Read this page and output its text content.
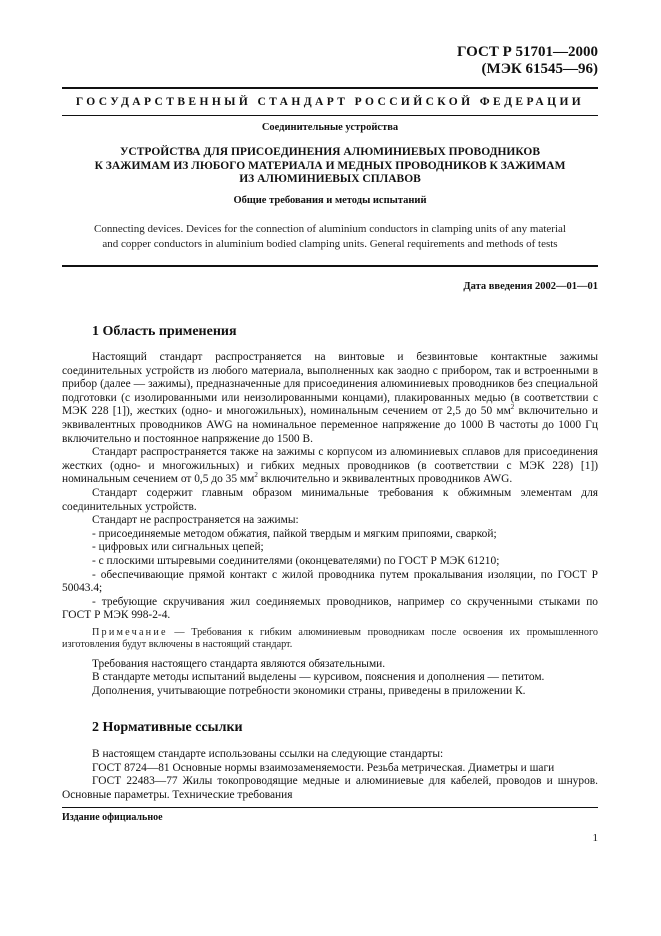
ГОСТ Р 51701—2000
(МЭК 61545—96)
ГОСУДАРСТВЕННЫЙ СТАНДАРТ РОССИЙСКОЙ ФЕДЕРАЦИИ
Соединительные устройства
УСТРОЙСТВА ДЛЯ ПРИСОЕДИНЕНИЯ АЛЮМИНИЕВЫХ ПРОВОДНИКОВ
К ЗАЖИМАМ ИЗ ЛЮБОГО МАТЕРИАЛА И МЕДНЫХ ПРОВОДНИКОВ К ЗАЖИМАМ
ИЗ АЛЮМИНИЕВЫХ СПЛАВОВ
Общие требования и методы испытаний
Connecting devices. Devices for the connection of aluminium conductors in clamping units of any material
and copper conductors in aluminium bodied clamping units. General requirements and methods of tests
Дата введения 2002—01—01
1 Область применения

Настоящий стандарт распространяется на винтовые и безвинтовые контактные зажимы соединительных устройств из любого материала, выполненных как заодно с прибором, так и встроенными в прибор (далее — зажимы), предназначенные для присоединения алюминиевых проводников без специальной подготовки (с изолированными или неизолированными концами), плакированных медью (в соответствии с МЭК 228 [1]), жестких (одно- и многожильных), номинальным сечением от 2,5 до 50 $мм^2$ включительно и эквивалентных проводников AWG на номинальное переменное напряжение до 1000 В частоты до 1000 Гц включительно и постоянное напряжение до 1500 В.

Стандарт распространяется также на зажимы с корпусом из алюминиевых сплавов для присоединения жестких (одно- и многожильных) и гибких медных проводников (в соответствии с МЭК 228) [1]) номинальным сечением от 0,5 до 35 $мм^2$ включительно и эквивалентных проводников AWG.

Стандарт содержит главным образом минимальные требования к обжимным элементам для соединительных устройств.

Стандарт не распространяется на зажимы:

- присоединяемые методом обжатия, пайкой твердым и мягким припоями, сваркой;

- цифровых или сигнальных цепей;

- с плоскими штыревыми соединителями (оконцевателями) по ГОСТ Р МЭК 61210;

- обеспечивающие прямой контакт с жилой проводника путем прокалывания изоляции, по ГОСТ Р 50043.4;

- требующие скручивания жил соединяемых проводников, например со скрученными стыками по ГОСТ Р МЭК 998-2-4.

Примечание — Требования к гибким алюминиевым проводникам после освоения их промышленного изготовления будут включены в настоящий стандарт.

Требования настоящего стандарта являются обязательными.

В стандарте методы испытаний выделены — курсивом, пояснения и дополнения — петитом.

Дополнения, учитывающие потребности экономики страны, приведены в приложении К.

2 Нормативные ссылки

В настоящем стандарте использованы ссылки на следующие стандарты:

ГОСТ 8724—81 Основные нормы взаимозаменяемости. Резьба метрическая. Диаметры и шаги

ГОСТ 22483—77 Жилы токопроводящие медные и алюминиевые для кабелей, проводов и шнуров. Основные параметры. Технические требования

Издание официальное
1
